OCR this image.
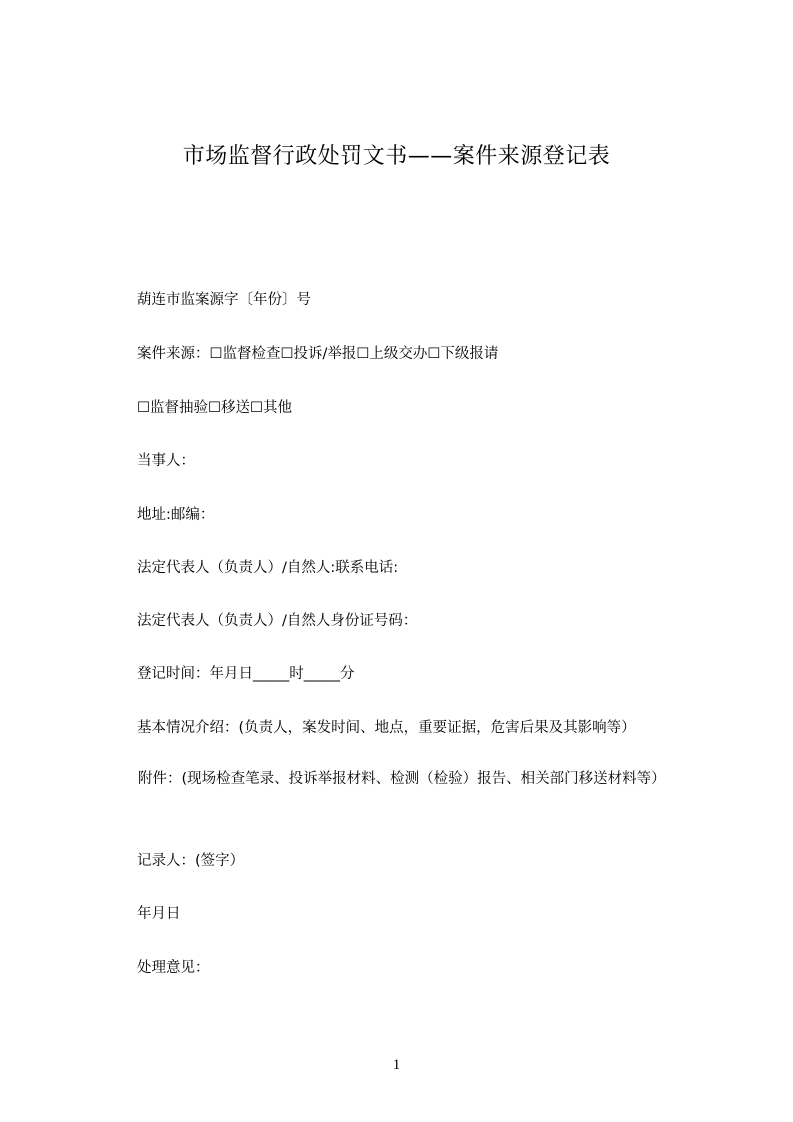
市场监督行政处罚文书——案件来源登记表
葫连市监案源字〔年份〕号
案件来源：☐监督检查☐投诉/举报☐上级交办☐下级报请
☐监督抽验☐移送☐其他
当事人：
地址:邮编：
法定代表人（负责人）/自然人:联系电话:
法定代表人（负责人）/自然人身份证号码：
登记时间：年月日_____时_____分
基本情况介绍：(负责人，案发时间、地点，重要证据，危害后果及其影响等）
附件：(现场检查笔录、投诉举报材料、检测（检验）报告、相关部门移送材料等）
记录人：(签字）
年月日
处理意见：
1
